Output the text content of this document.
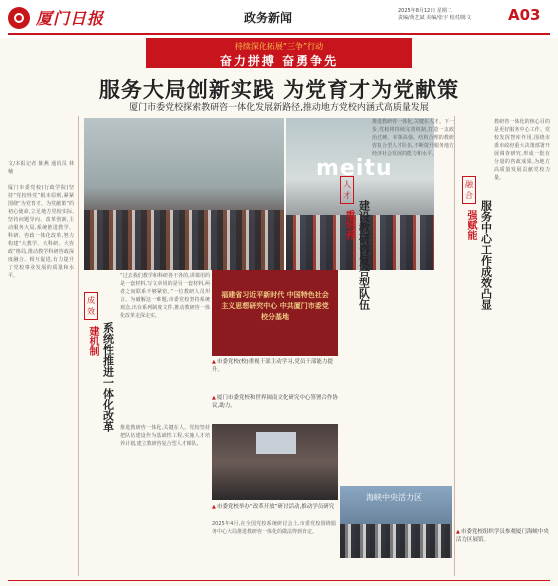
厦门日报	政务新闻	2025年8月12日 星期二
责编/黄艺斌 美编/张宇 校对/陈文 A03
持续深化拓展“三争”行动
奋力拼搏 奋勇争先
服务大局创新实践 为党育才为党献策
厦门市委党校探索教研咨一体化发展新路径,推动地方党校内涵式高质量发展
文/本报记者 陈燕 通讯员 林楠

厦门市委党校(行政学院)坚持“党校姓党”根本原则,紧紧围绕“为党育才、为党献策”的初心使命,立足地方党校实际,坚持问题导向、改革创新,主动服务大局,系统推进教学、科研、咨政一体化改革,努力构建“大教学、大科研、大咨政”格局,推动教学科研咨政深度融合、相互促进,有力提升了党校事业发展的质量和水平。
meitu
成效
建机制 系统性推进一体化改革
“过去我们教学和科研各干各的,讲课用的是一套材料,写文章用的是另一套材料,两者之间联系不够紧密。”一位教研人员坦言。为破解这一难题,市委党校坚持系统观念,出台系列制度文件,推动教研咨一体化改革走深走实。
推进教研咨一体化,关键在人。党校坚持把队伍建设作为基础性工程,实施人才培养计划,建立教研咨复合型人才梯队。
福建省习近平新时代 中国特色社会主义思想研究中心 中共厦门市委党校分基地
▲ 市委党校(校)重视干部主动学习,党员干部能力提升。
▲ 厦门市委党校和世界闽南文化研究中心签署合作协议,助力。
▲ 市委党校举办“改革开放”研讨活动,推动学员研究
2025年4月,在全国党校系统研讨会上,市委党校围绕服务中心大局推进教研咨一体化的做法得到肯定。
人才
重培养 建设教研咨复合型队伍
推进教研咨一体化,关键在人才。下一步,党校将持续完善机制,打造一支政治过硬、本领高强、结构合理的教研咨复合型人才队伍,不断提升服务地方经济社会发展的能力和水平。
海峡中央活力区
融合
强赋能 服务中心工作成效凸显
教研咨一体化的核心目的是更好服务中心工作。党校发挥智库作用,围绕市委市政府重大决策部署开展调查研究,形成一批有分量的咨政成果,为地方高质量发展贡献党校力量。
▲ 市委党校组织学员参观厦门海峡中央活力区展馆。
